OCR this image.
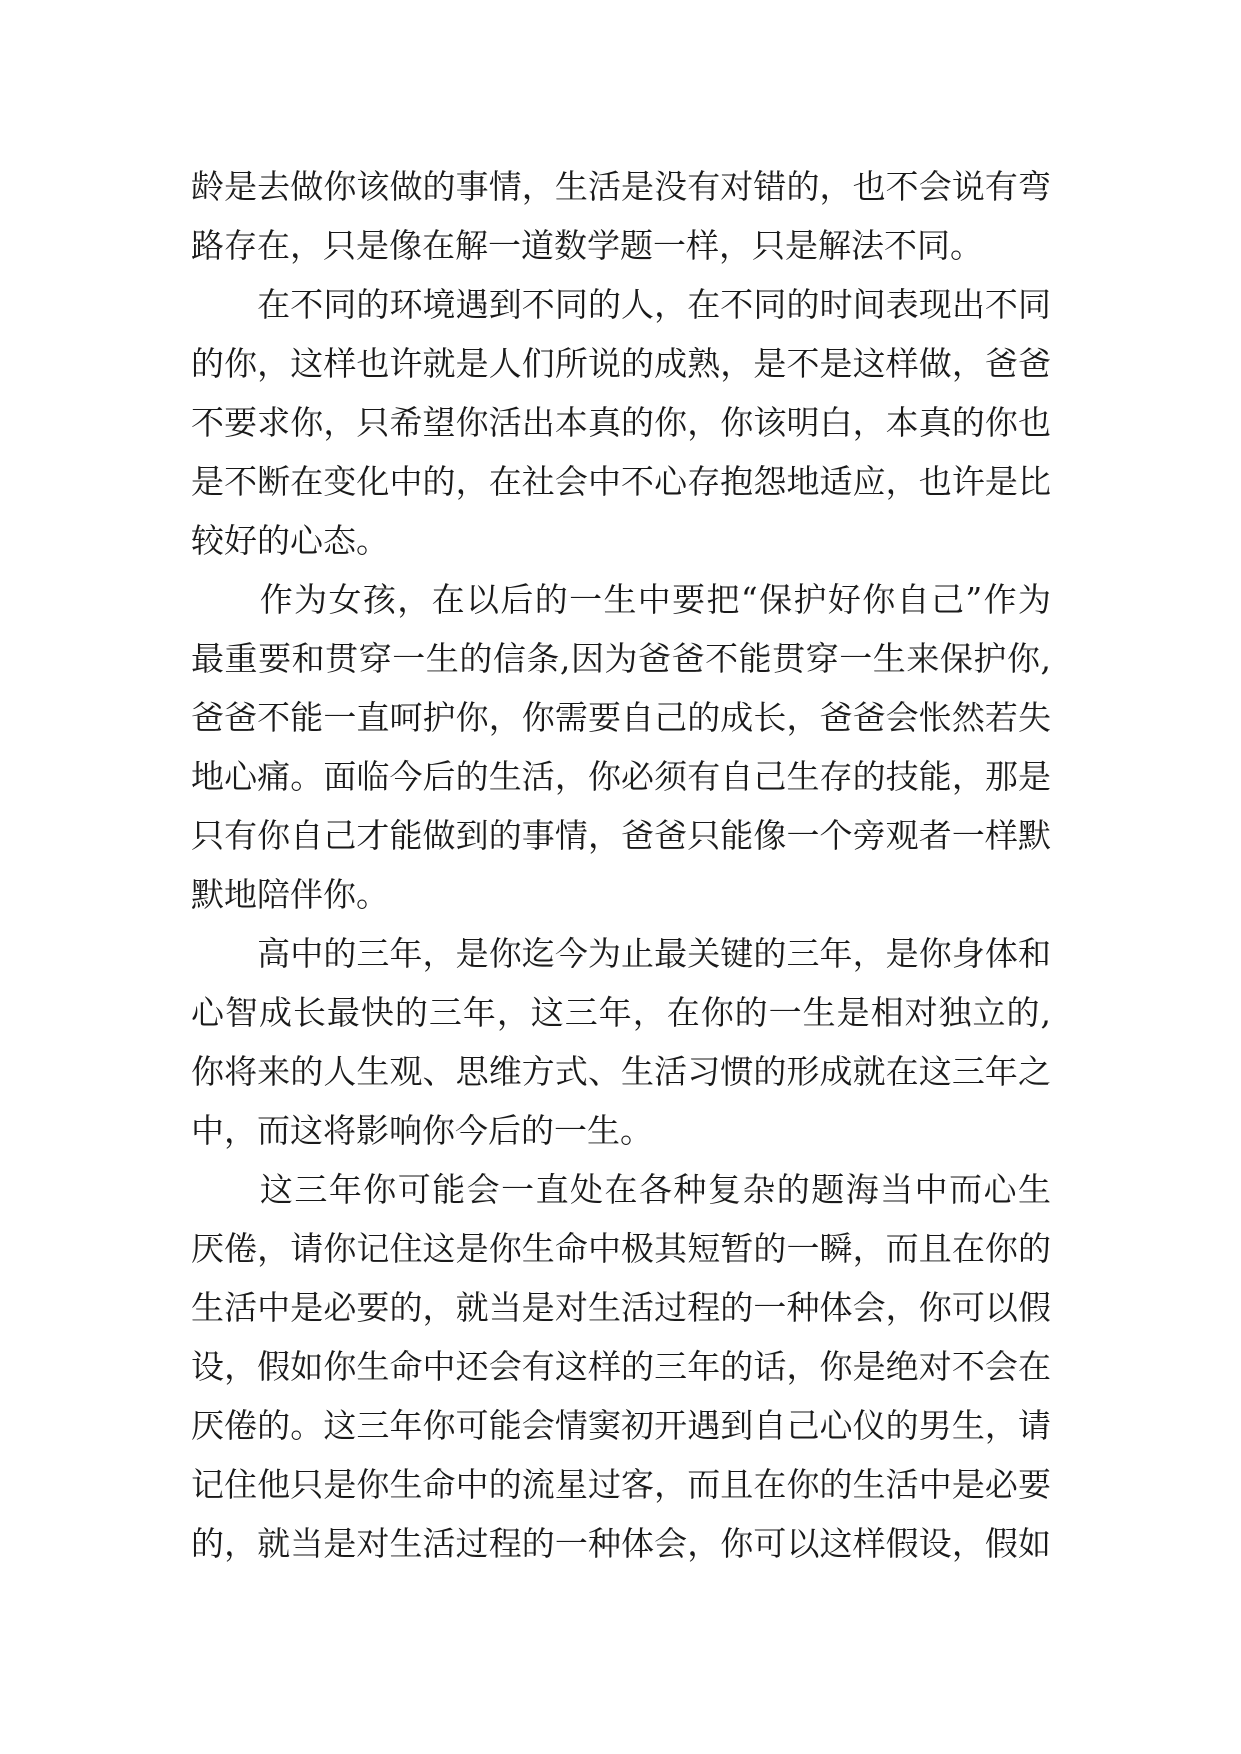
龄是去做你该做的事情，生活是没有对错的，也不会说有弯
路存在，只是像在解一道数学题一样，只是解法不同。
　　在不同的环境遇到不同的人，在不同的时间表现出不同
的你，这样也许就是人们所说的成熟，是不是这样做，爸爸
不要求你，只希望你活出本真的你，你该明白，本真的你也
是不断在变化中的，在社会中不心存抱怨地适应，也许是比
较好的心态。
　　作为女孩，在以后的一生中要把“保护好你自己”作为
最重要和贯穿一生的信条,因为爸爸不能贯穿一生来保护你,
爸爸不能一直呵护你，你需要自己的成长，爸爸会怅然若失
地心痛。面临今后的生活，你必须有自己生存的技能，那是
只有你自己才能做到的事情，爸爸只能像一个旁观者一样默
默地陪伴你。
　　高中的三年，是你迄今为止最关键的三年，是你身体和
心智成长最快的三年，这三年，在你的一生是相对独立的,
你将来的人生观、思维方式、生活习惯的形成就在这三年之
中，而这将影响你今后的一生。
　　这三年你可能会一直处在各种复杂的题海当中而心生
厌倦，请你记住这是你生命中极其短暂的一瞬，而且在你的
生活中是必要的，就当是对生活过程的一种体会，你可以假
设，假如你生命中还会有这样的三年的话，你是绝对不会在
厌倦的。这三年你可能会情窦初开遇到自己心仪的男生，请
记住他只是你生命中的流星过客，而且在你的生活中是必要
的，就当是对生活过程的一种体会，你可以这样假设，假如
